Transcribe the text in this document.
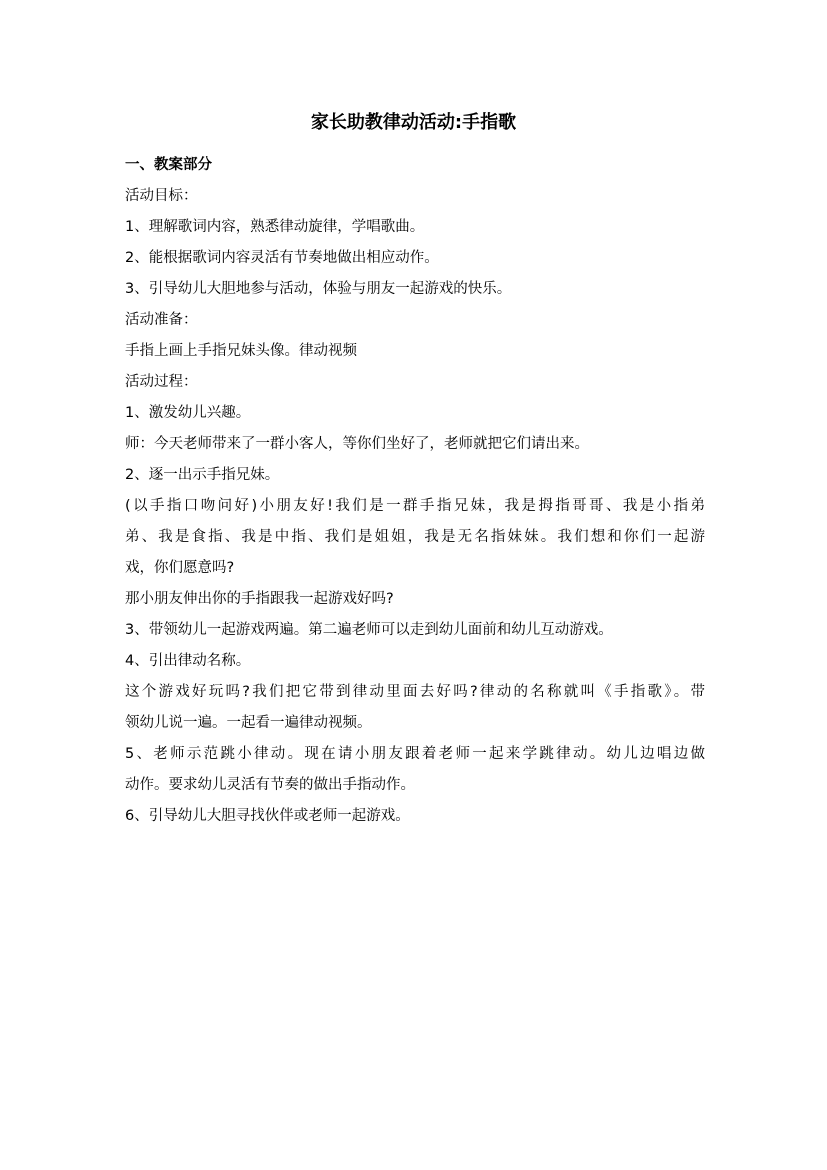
家长助教律动活动:手指歌
一、教案部分
活动目标：
1、理解歌词内容，熟悉律动旋律，学唱歌曲。
2、能根据歌词内容灵活有节奏地做出相应动作。
3、引导幼儿大胆地参与活动，体验与朋友一起游戏的快乐。
活动准备：
手指上画上手指兄妹头像。律动视频
活动过程：
1、激发幼儿兴趣。
师：今天老师带来了一群小客人，等你们坐好了，老师就把它们请出来。
2、逐一出示手指兄妹。
(以手指口吻问好)小朋友好!我们是一群手指兄妹，我是拇指哥哥、我是小指弟
弟、我是食指、我是中指、我们是姐姐，我是无名指妹妹。我们想和你们一起游
戏，你们愿意吗?
那小朋友伸出你的手指跟我一起游戏好吗?
3、带领幼儿一起游戏两遍。第二遍老师可以走到幼儿面前和幼儿互动游戏。
4、引出律动名称。
这个游戏好玩吗?我们把它带到律动里面去好吗?律动的名称就叫《手指歌》。带
领幼儿说一遍。一起看一遍律动视频。
5、老师示范跳小律动。现在请小朋友跟着老师一起来学跳律动。幼儿边唱边做
动作。要求幼儿灵活有节奏的做出手指动作。
6、引导幼儿大胆寻找伙伴或老师一起游戏。
